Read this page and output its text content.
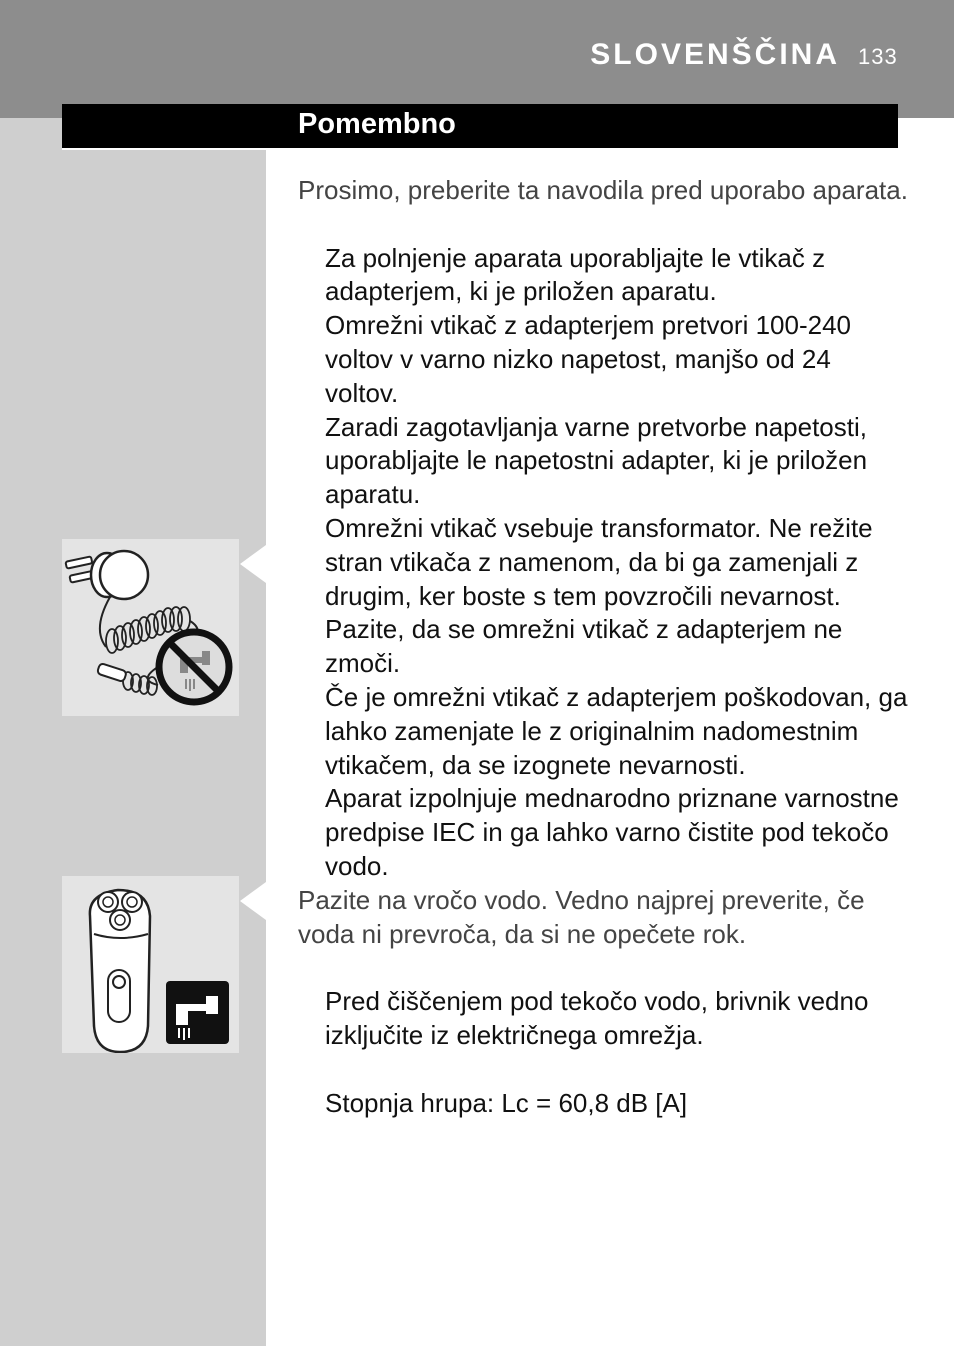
SLOVENŠČINA 133
Pomembno

Prosimo, preberite ta navodila pred uporabo aparata.

Za polnjenje aparata uporabljajte le vtikač z adapterjem, ki je priložen aparatu.

Omrežni vtikač z adapterjem pretvori 100-240 voltov v varno nizko napetost, manjšo od 24 voltov.

Zaradi zagotavljanja varne pretvorbe napetosti, uporabljajte le napetostni adapter, ki je priložen aparatu.

Omrežni vtikač vsebuje transformator. Ne režite stran vtikača z namenom, da bi ga zamenjali z drugim, ker boste s tem povzročili nevarnost.

Pazite, da se omrežni vtikač z adapterjem ne zmoči.

Če je omrežni vtikač z adapterjem poškodovan, ga lahko zamenjate le z originalnim nadomestnim vtikačem, da se izognete nevarnosti.

Aparat izpolnjuje mednarodno priznane varnostne predpise IEC in ga lahko varno čistite pod tekočo vodo.

Pazite na vročo vodo. Vedno najprej preverite, če voda ni prevroča, da si ne opečete rok.

Pred čiščenjem pod tekočo vodo, brivnik vedno izključite iz električnega omrežja.

Stopnja hrupa: Lc = 60,8 dB [A]
